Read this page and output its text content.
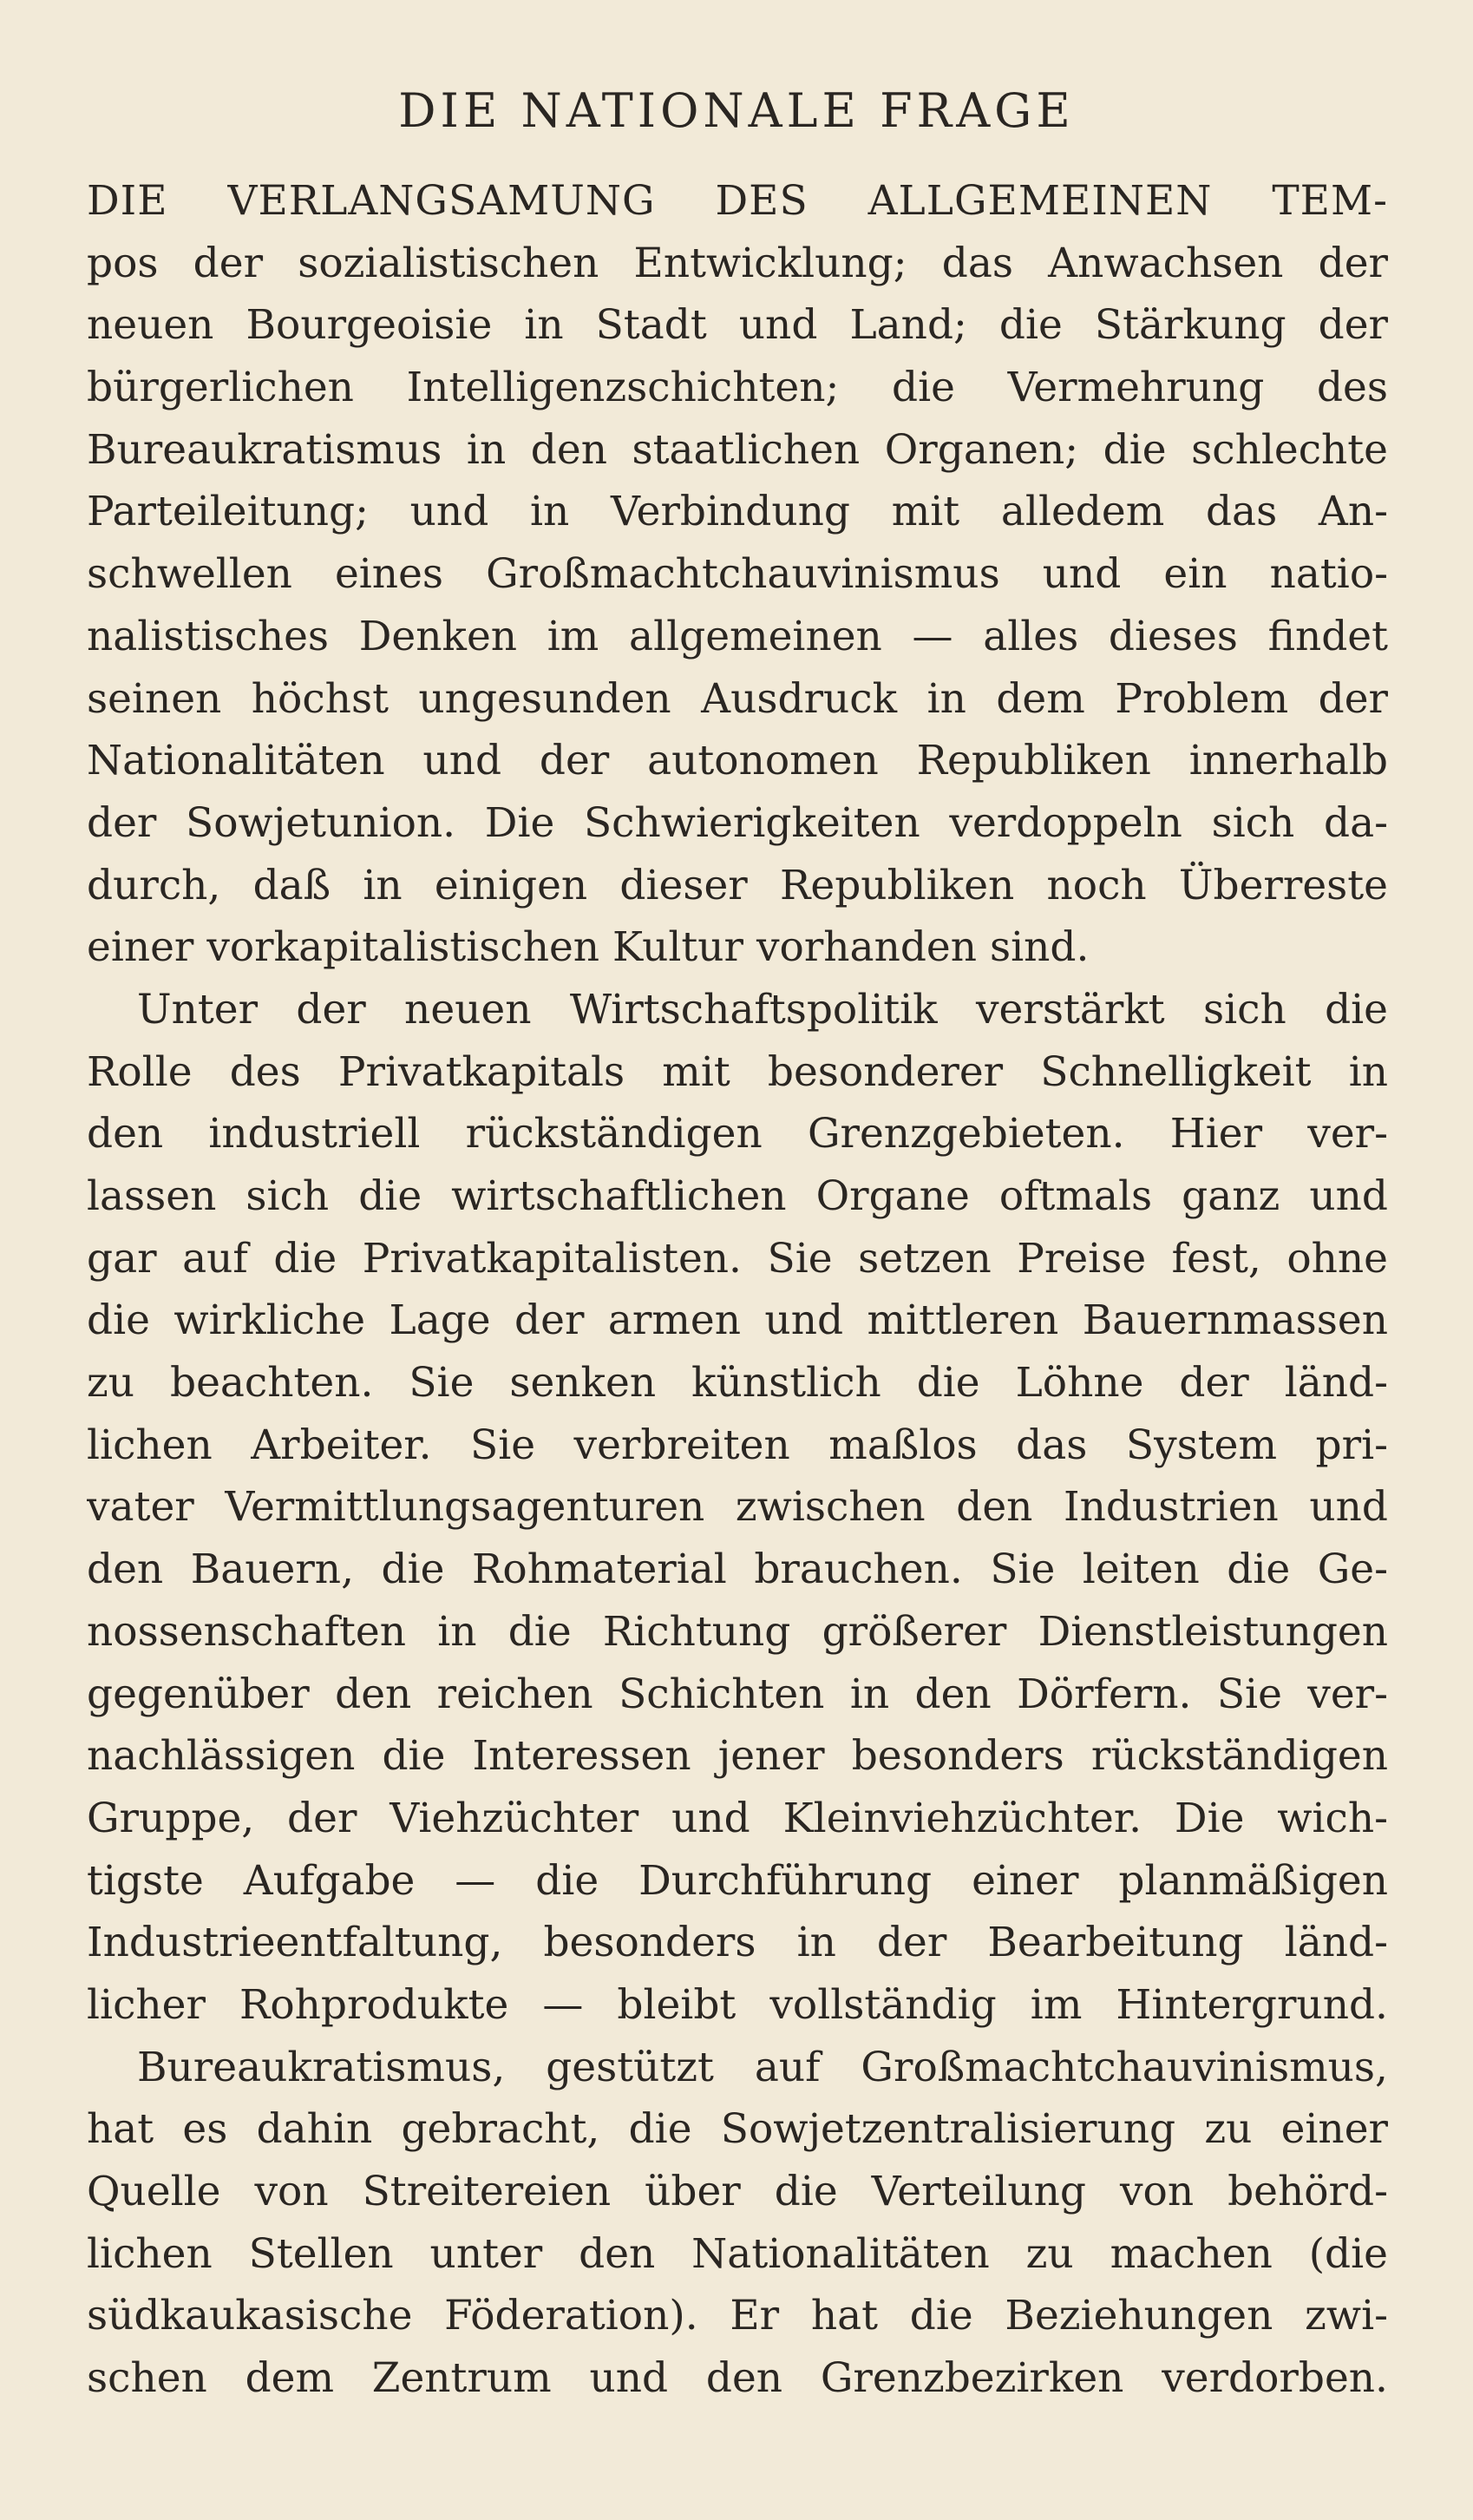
DIE NATIONALE FRAGE
DIE VERLANGSAMUNG DES ALLGEMEINEN TEM-
pos der sozialistischen Entwicklung; das Anwachsen der
neuen Bourgeoisie in Stadt und Land; die Stärkung der
bürgerlichen Intelligenzschichten; die Vermehrung des
Bureaukratismus in den staatlichen Organen; die schlechte
Parteileitung; und in Verbindung mit alledem das An-
schwellen eines Großmachtchauvinismus und ein natio-
nalistisches Denken im allgemeinen — alles dieses findet
seinen höchst ungesunden Ausdruck in dem Problem der
Nationalitäten und der autonomen Republiken innerhalb
der Sowjetunion. Die Schwierigkeiten verdoppeln sich da-
durch, daß in einigen dieser Republiken noch Überreste
einer vorkapitalistischen Kultur vorhanden sind.
Unter der neuen Wirtschaftspolitik verstärkt sich die
Rolle des Privatkapitals mit besonderer Schnelligkeit in
den industriell rückständigen Grenzgebieten. Hier ver-
lassen sich die wirtschaftlichen Organe oftmals ganz und
gar auf die Privatkapitalisten. Sie setzen Preise fest, ohne
die wirkliche Lage der armen und mittleren Bauernmassen
zu beachten. Sie senken künstlich die Löhne der länd-
lichen Arbeiter. Sie verbreiten maßlos das System pri-
vater Vermittlungsagenturen zwischen den Industrien und
den Bauern, die Rohmaterial brauchen. Sie leiten die Ge-
nossenschaften in die Richtung größerer Dienstleistungen
gegenüber den reichen Schichten in den Dörfern. Sie ver-
nachlässigen die Interessen jener besonders rückständigen
Gruppe, der Viehzüchter und Kleinviehzüchter. Die wich-
tigste Aufgabe — die Durchführung einer planmäßigen
Industrieentfaltung, besonders in der Bearbeitung länd-
licher Rohprodukte — bleibt vollständig im Hintergrund.
Bureaukratismus, gestützt auf Großmachtchauvinismus,
hat es dahin gebracht, die Sowjetzentralisierung zu einer
Quelle von Streitereien über die Verteilung von behörd-
lichen Stellen unter den Nationalitäten zu machen (die
südkaukasische Föderation). Er hat die Beziehungen zwi-
schen dem Zentrum und den Grenzbezirken verdorben.
